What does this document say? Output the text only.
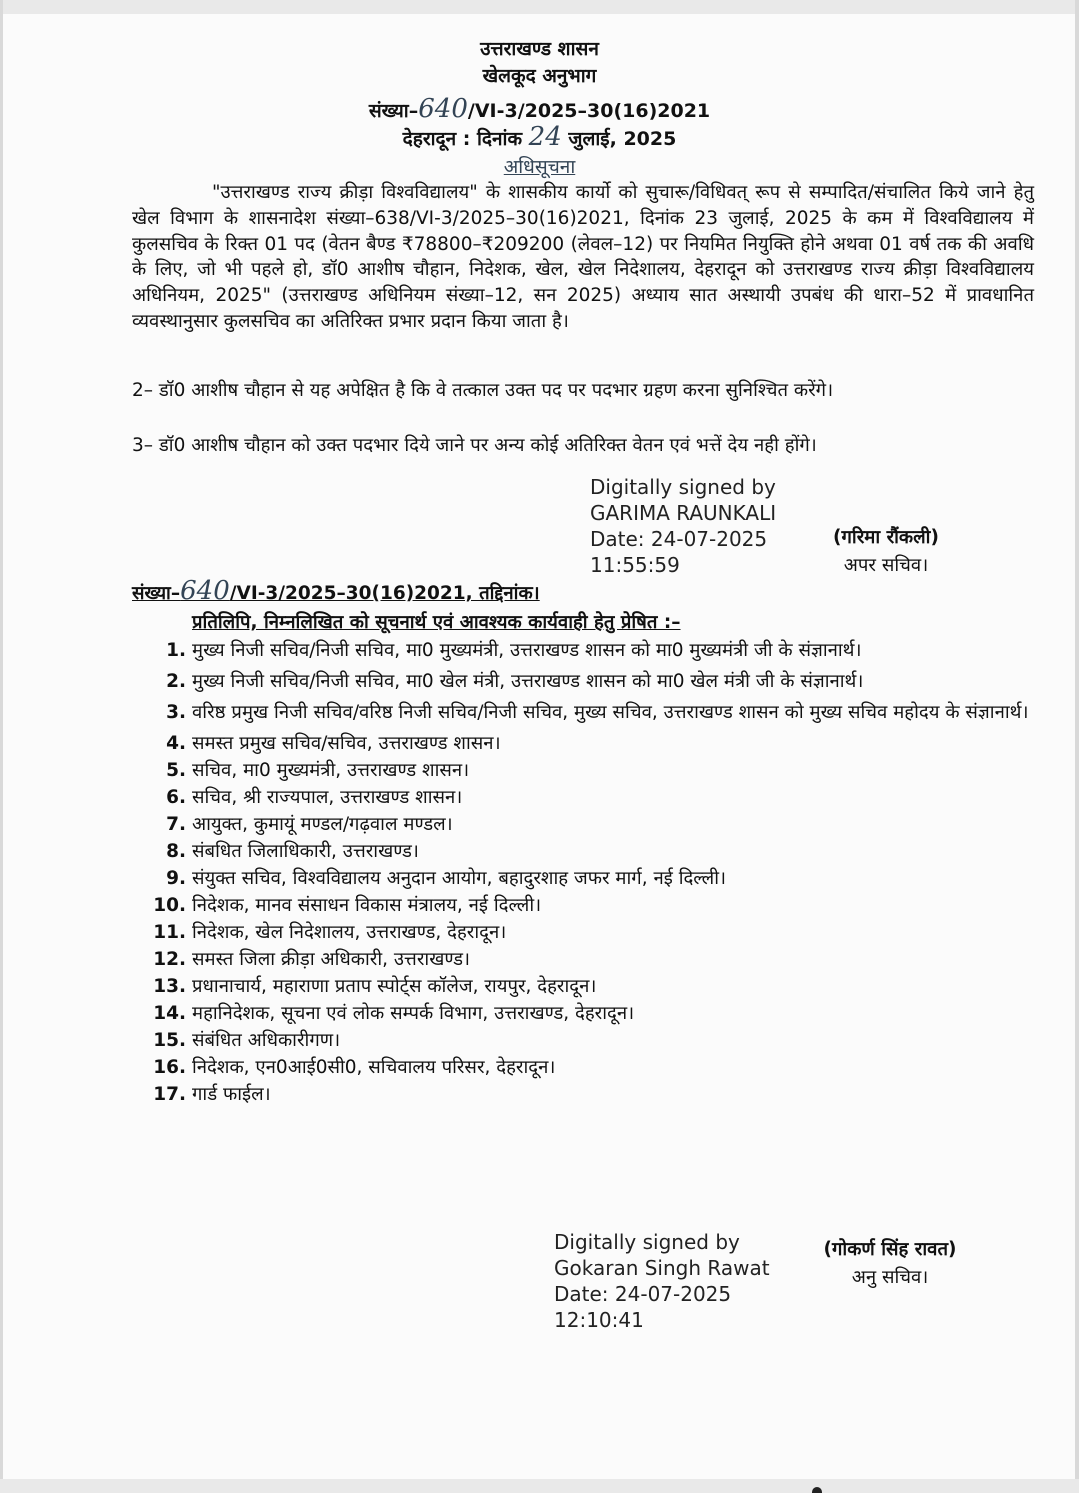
उत्तराखण्ड शासन
खेलकूद अनुभाग
संख्या–640/VI-3/2025–30(16)2021
देहरादून : दिनांक 24 जुलाई, 2025
अधिसूचना
"उत्तराखण्ड राज्य क्रीड़ा विश्वविद्यालय" के शासकीय कार्यो को सुचारू/विधिवत् रूप से सम्पादित/संचालित किये जाने हेतु खेल विभाग के शासनादेश संख्या–638/VI-3/2025–30(16)2021, दिनांक 23 जुलाई, 2025 के कम में विश्वविद्यालय में कुलसचिव के रिक्त 01 पद (वेतन बैण्ड ₹78800–₹209200 (लेवल–12) पर नियमित नियुक्ति होने अथवा 01 वर्ष तक की अवधि के लिए, जो भी पहले हो, डॉ0 आशीष चौहान, निदेशक, खेल, खेल निदेशालय, देहरादून को उत्तराखण्ड राज्य क्रीड़ा विश्वविद्यालय अधिनियम, 2025" (उत्तराखण्ड अधिनियम संख्या–12, सन 2025) अध्याय सात अस्थायी उपबंध की धारा–52 में प्रावधानित व्यवस्थानुसार कुलसचिव का अतिरिक्त प्रभार प्रदान किया जाता है।
2– डॉ0 आशीष चौहान से यह अपेक्षित है कि वे तत्काल उक्त पद पर पदभार ग्रहण करना सुनिश्चित करेंगे।
3– डॉ0 आशीष चौहान को उक्त पदभार दिये जाने पर अन्य कोई अतिरिक्त वेतन एवं भत्तें देय नही होंगे।
Digitally signed by
GARIMA RAUNKALI
Date: 24-07-2025
11:55:59
(गरिमा रौंकली)
अपर सचिव।
संख्या–640/VI-3/2025–30(16)2021, तद्दिनांक।
प्रतिलिपि, निम्नलिखित को सूचनार्थ एवं आवश्यक कार्यवाही हेतु प्रेषित :–
1. मुख्य निजी सचिव/निजी सचिव, मा0 मुख्यमंत्री, उत्तराखण्ड शासन को मा0 मुख्यमंत्री जी के संज्ञानार्थ।
2. मुख्य निजी सचिव/निजी सचिव, मा0 खेल मंत्री, उत्तराखण्ड शासन को मा0 खेल मंत्री जी के संज्ञानार्थ।
3. वरिष्ठ प्रमुख निजी सचिव/वरिष्ठ निजी सचिव/निजी सचिव, मुख्य सचिव, उत्तराखण्ड शासन को मुख्य सचिव महोदय के संज्ञानार्थ।
4. समस्त प्रमुख सचिव/सचिव, उत्तराखण्ड शासन।
5. सचिव, मा0 मुख्यमंत्री, उत्तराखण्ड शासन।
6. सचिव, श्री राज्यपाल, उत्तराखण्ड शासन।
7. आयुक्त, कुमायूं मण्डल/गढ़वाल मण्डल।
8. संबधित जिलाधिकारी, उत्तराखण्ड।
9. संयुक्त सचिव, विश्वविद्यालय अनुदान आयोग, बहादुरशाह जफर मार्ग, नई दिल्ली।
10. निदेशक, मानव संसाधन विकास मंत्रालय, नई दिल्ली।
11. निदेशक, खेल निदेशालय, उत्तराखण्ड, देहरादून।
12. समस्त जिला क्रीड़ा अधिकारी, उत्तराखण्ड।
13. प्रधानाचार्य, महाराणा प्रताप स्पोर्ट्स कॉलेज, रायपुर, देहरादून।
14. महानिदेशक, सूचना एवं लोक सम्पर्क विभाग, उत्तराखण्ड, देहरादून।
15. संबंधित अधिकारीगण।
16. निदेशक, एन0आई0सी0, सचिवालय परिसर, देहरादून।
17. गार्ड फाईल।
Digitally signed by
Gokaran Singh Rawat
Date: 24-07-2025
12:10:41
(गोकर्ण सिंह रावत)
अनु सचिव।
